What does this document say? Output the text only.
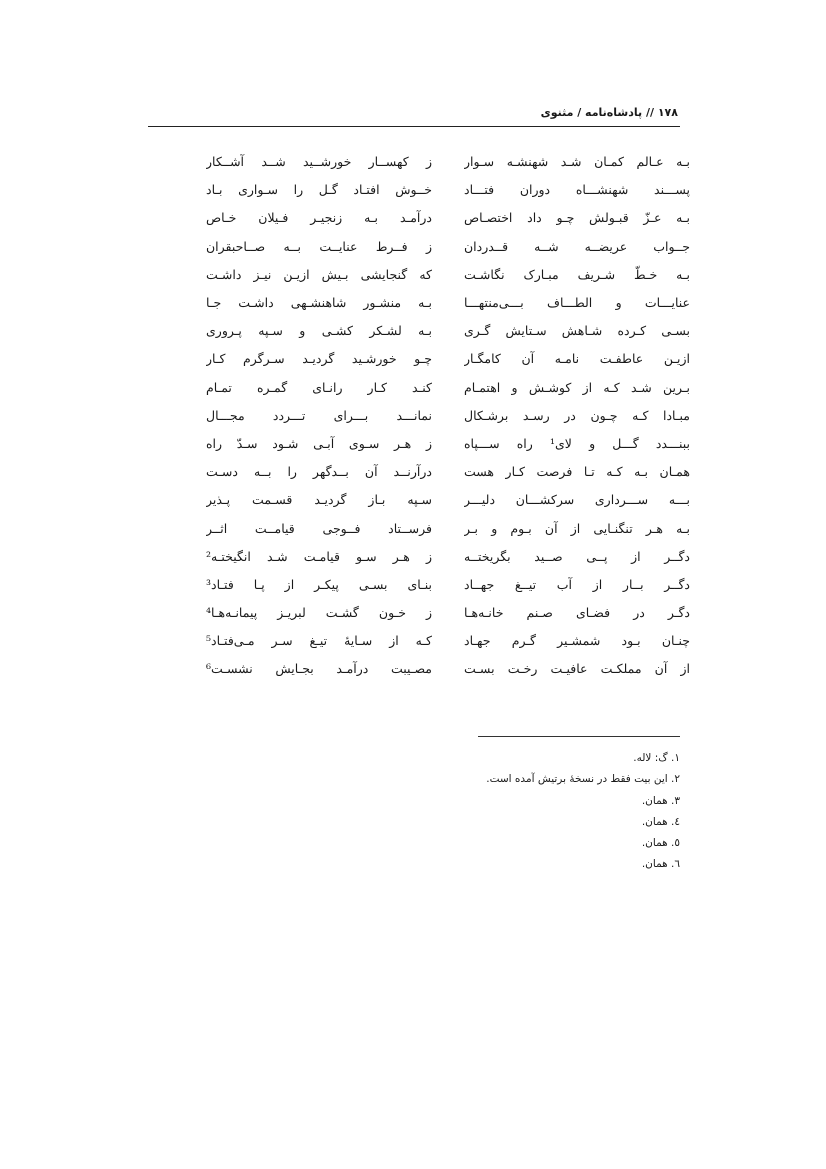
۱۷۸ // پادشاه‌نامه / مثنوی
بـه عـالم کمـان شـد شهنشـه سـوار
ز کهســار خورشــید شــد آشــکار
پســـند شهنشـــاه دوران فتـــاد
خــوش افتـاد گـل را سـواری بـاد
بـه عـزّ قبـولش چـو داد اختصـاص
درآمـد بـه زنجیـر فـیلان خـاص
جــواب عریضــه شــه قــدردان
ز فــرط عنایــت بــه صــاحبقران
بـه خـطّ شـریف مبـارک نگاشـت
که گنجایشی بـیش ازیـن نیـز داشـت
عنایـــات و الطـــاف بـــی‌منتهـــا
بـه منشـور شاهنشـهی داشـت جـا
بسـی کـرده شـاهش سـتایش گـری
بـه لشـکر کشـی و سـپه پـروری
ازیـن عاطفـت نامـه آن کامگـار
چـو خورشـید گردیـد سـرگرم کـار
بـرین شـد کـه از کوشـش و اهتمـام
کنـد کـار رانـای گمـره تمـام
مبـادا کـه چـون در رسـد برشـکال
نمانـــد بـــرای تـــردد مجـــال
ببنـــدد گـــل و لای¹ راه ســـپاه
ز هـر سـوی آبـی شـود سـدّ راه
همـان بـه کـه تـا فرصت کـار هست
درآرنــد آن بــدگهر را بــه دسـت
بـــه ســـرداری سرکشـــان دلیـــر
سـپه بـاز گردیـد قسـمت پـذیر
بـه هـر تنگنـایی از آن بـوم و بـر
فرســتاد فــوجی قیامــت اثــر
دگــر از پــی صــید بگریختــه
ز هـر سـو قیامـت شـد انگیختـه²
دگــر بــار از آب تیــغ جهــاد
بنـای بسـی پیکـر از پـا فتـاد³
دگـر در فضـای صـنم خانـه‌هـا
ز خـون گشـت لبریـز پیمانـه‌هـا⁴
چنـان بـود شمشـیر گـرم جهـاد
کـه از سـایهٔ تیـغ سـر مـی‌فتـاد⁵
از آن مملکـت عافیـت رخـت بسـت
مصـیبت درآمـد بجـایش نشسـت⁶
۱. گ: لاله.
۲. این بیت فقط در نسخهٔ برتیش آمده است.
۳. همان.
٤. همان.
٥. همان.
٦. همان.
